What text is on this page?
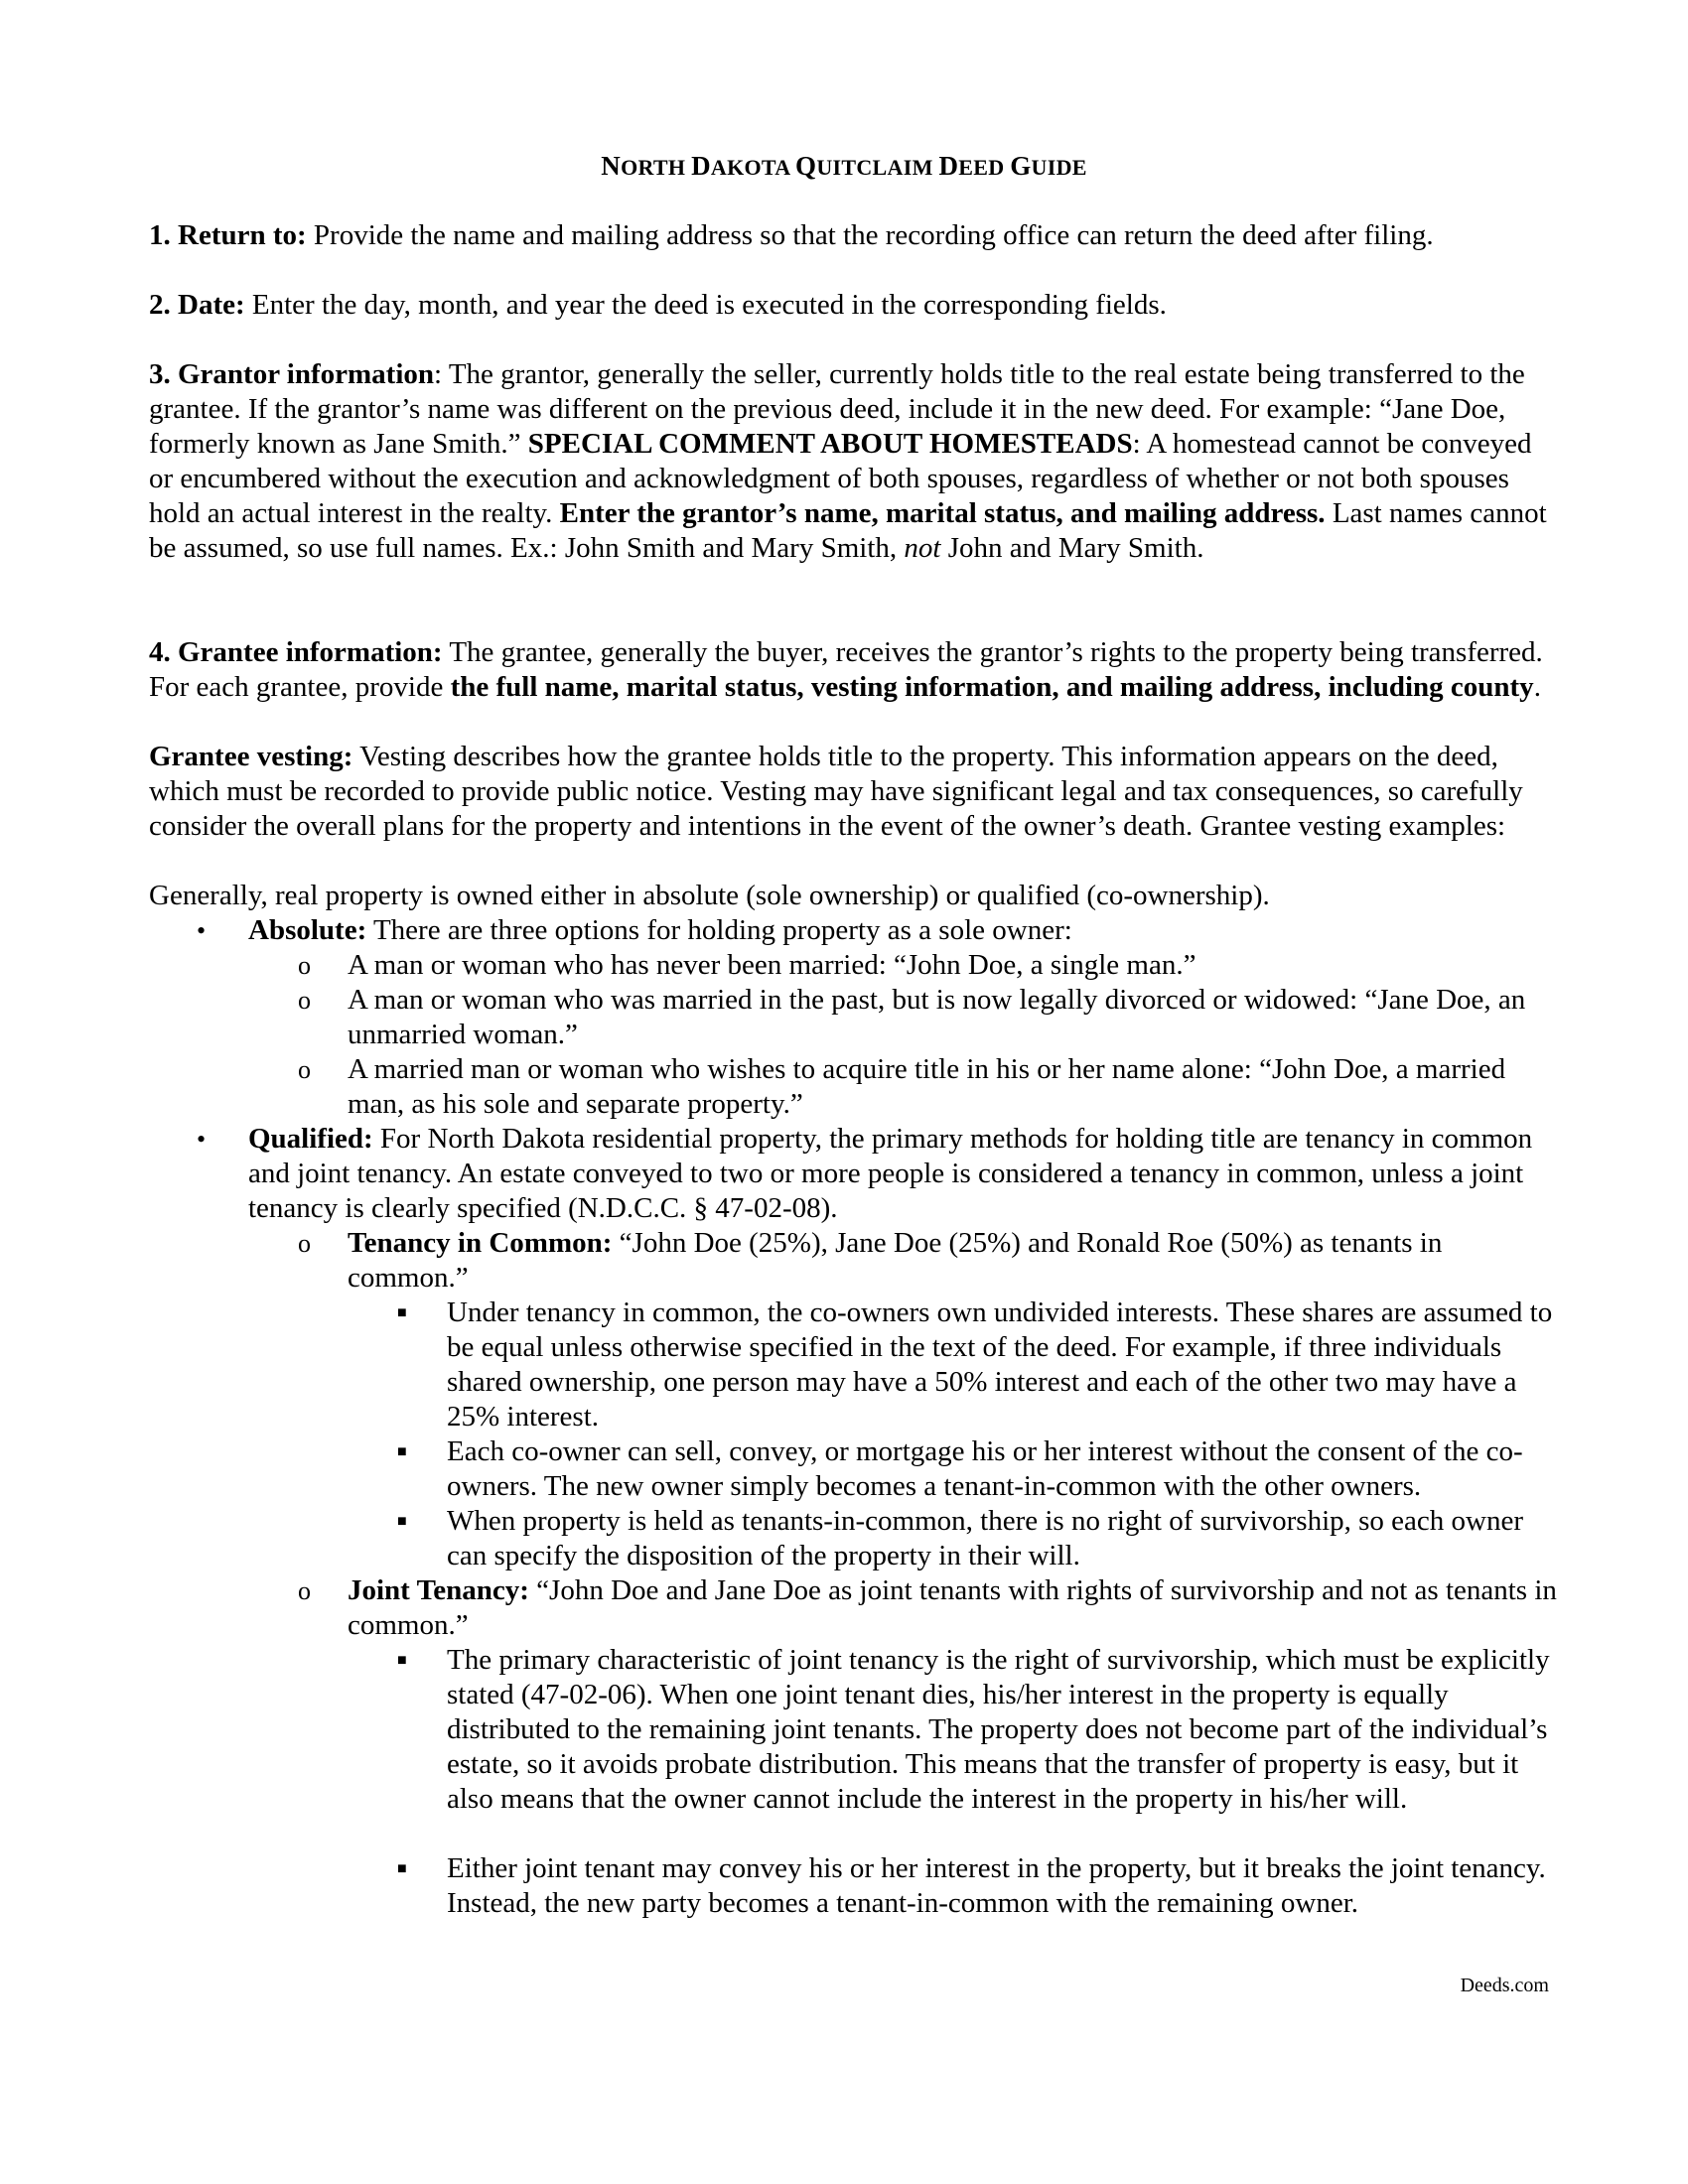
NORTH DAKOTA QUITCLAIM DEED GUIDE

1. Return to: Provide the name and mailing address so that the recording office can return the deed after filing.

2. Date: Enter the day, month, and year the deed is executed in the corresponding fields.

3. Grantor information: The grantor, generally the seller, currently holds title to the real estate being transferred to the grantee. If the grantor’s name was different on the previous deed, include it in the new deed. For example: “Jane Doe, formerly known as Jane Smith.” SPECIAL COMMENT ABOUT HOMESTEADS: A homestead cannot be conveyed or encumbered without the execution and acknowledgment of both spouses, regardless of whether or not both spouses hold an actual interest in the realty. Enter the grantor’s name, marital status, and mailing address. Last names cannot be assumed, so use full names. Ex.: John Smith and Mary Smith, not John and Mary Smith.

4. Grantee information: The grantee, generally the buyer, receives the grantor’s rights to the property being transferred. For each grantee, provide the full name, marital status, vesting information, and mailing address, including county.

Grantee vesting: Vesting describes how the grantee holds title to the property. This information appears on the deed, which must be recorded to provide public notice. Vesting may have significant legal and tax consequences, so carefully consider the overall plans for the property and intentions in the event of the owner’s death. Grantee vesting examples:

Generally, real property is owned either in absolute (sole ownership) or qualified (co-ownership).

• Absolute: There are three options for holding property as a sole owner:

o A man or woman who has never been married: “John Doe, a single man.”

o A man or woman who was married in the past, but is now legally divorced or widowed: “Jane Doe, an unmarried woman.”

o A married man or woman who wishes to acquire title in his or her name alone: “John Doe, a married man, as his sole and separate property.”

• Qualified: For North Dakota residential property, the primary methods for holding title are tenancy in common and joint tenancy. An estate conveyed to two or more people is considered a tenancy in common, unless a joint tenancy is clearly specified (N.D.C.C. § 47-02-08).

o Tenancy in Common: “John Doe (25%), Jane Doe (25%) and Ronald Roe (50%) as tenants in common.”

■ Under tenancy in common, the co-owners own undivided interests. These shares are assumed to be equal unless otherwise specified in the text of the deed. For example, if three individuals shared ownership, one person may have a 50% interest and each of the other two may have a 25% interest.

■ Each co-owner can sell, convey, or mortgage his or her interest without the consent of the co-owners. The new owner simply becomes a tenant-in-common with the other owners.

■ When property is held as tenants-in-common, there is no right of survivorship, so each owner can specify the disposition of the property in their will.

o Joint Tenancy: “John Doe and Jane Doe as joint tenants with rights of survivorship and not as tenants in common.”

■ The primary characteristic of joint tenancy is the right of survivorship, which must be explicitly stated (47-02-06). When one joint tenant dies, his/her interest in the property is equally distributed to the remaining joint tenants. The property does not become part of the individual’s estate, so it avoids probate distribution. This means that the transfer of property is easy, but it also means that the owner cannot include the interest in the property in his/her will.

■ Either joint tenant may convey his or her interest in the property, but it breaks the joint tenancy. Instead, the new party becomes a tenant-in-common with the remaining owner.

Deeds.com
